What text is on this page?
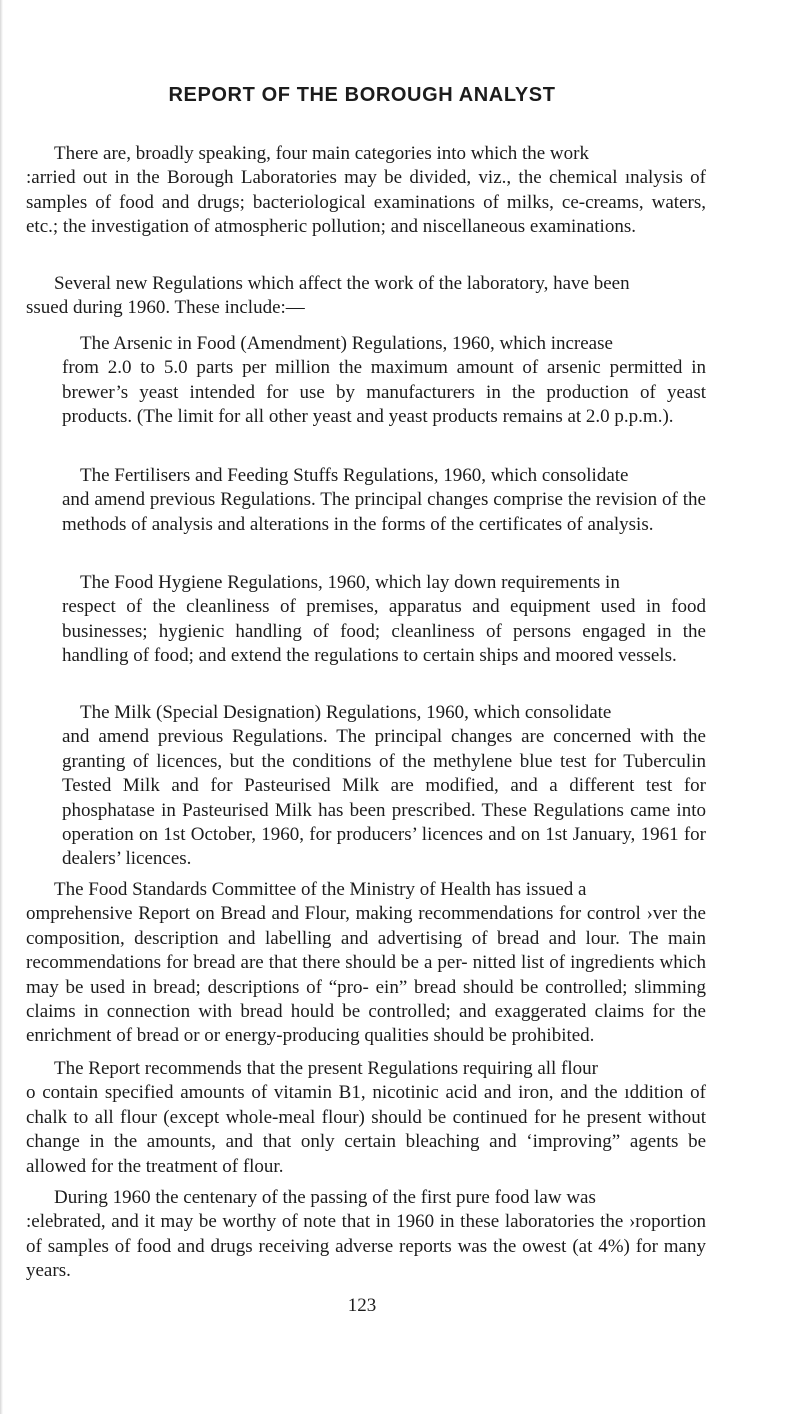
REPORT OF THE BOROUGH ANALYST

There are, broadly speaking, four main categories into which the work
:arried out in the Borough Laboratories may be divided, viz., the chemical ınalysis of samples of food and drugs; bacteriological examinations of milks, ce-creams, waters, etc.; the investigation of atmospheric pollution; and niscellaneous examinations.

Several new Regulations which affect the work of the laboratory, have been
ssued during 1960. These include:—

The Arsenic in Food (Amendment) Regulations, 1960, which increase
from 2.0 to 5.0 parts per million the maximum amount of arsenic permitted in brewer’s yeast intended for use by manufacturers in the production of yeast products. (The limit for all other yeast and yeast products remains at 2.0 p.p.m.).

The Fertilisers and Feeding Stuffs Regulations, 1960, which consolidate
and amend previous Regulations. The principal changes comprise the revision of the methods of analysis and alterations in the forms of the certificates of analysis.

The Food Hygiene Regulations, 1960, which lay down requirements in
respect of the cleanliness of premises, apparatus and equipment used in food businesses; hygienic handling of food; cleanliness of persons engaged in the handling of food; and extend the regulations to certain ships and moored vessels.

The Milk (Special Designation) Regulations, 1960, which consolidate
and amend previous Regulations. The principal changes are concerned with the granting of licences, but the conditions of the methylene blue test for Tuberculin Tested Milk and for Pasteurised Milk are modified, and a different test for phosphatase in Pasteurised Milk has been prescribed. These Regulations came into operation on 1st October, 1960, for producers’ licences and on 1st January, 1961 for dealers’ licences.

The Food Standards Committee of the Ministry of Health has issued a
omprehensive Report on Bread and Flour, making recommendations for control ›ver the composition, description and labelling and advertising of bread and lour. The main recommendations for bread are that there should be a per- nitted list of ingredients which may be used in bread; descriptions of “pro- ein” bread should be controlled; slimming claims in connection with bread hould be controlled; and exaggerated claims for the enrichment of bread or or energy-producing qualities should be prohibited.

The Report recommends that the present Regulations requiring all flour
o contain specified amounts of vitamin B1, nicotinic acid and iron, and the ıddition of chalk to all flour (except whole-meal flour) should be continued for he present without change in the amounts, and that only certain bleaching and ‘improving” agents be allowed for the treatment of flour.

During 1960 the centenary of the passing of the first pure food law was
:elebrated, and it may be worthy of note that in 1960 in these laboratories the ›roportion of samples of food and drugs receiving adverse reports was the owest (at 4%) for many years.

123
